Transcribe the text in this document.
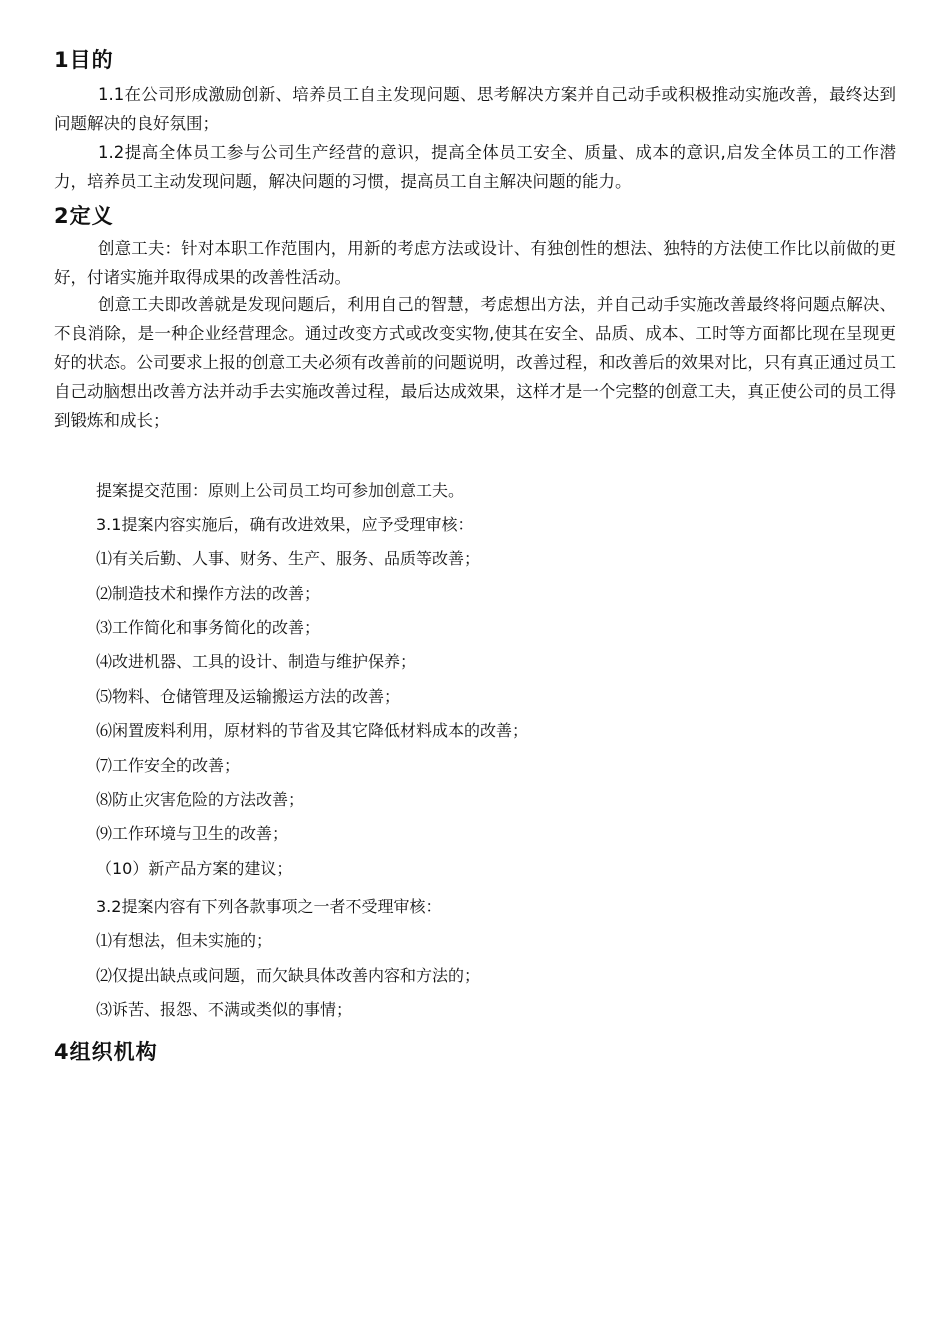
1目的
1.1在公司形成激励创新、培养员工自主发现问题、思考解决方案并自己动手或积极推动实施改善，最终达到问题解决的良好氛围；
1.2提高全体员工参与公司生产经营的意识，提高全体员工安全、质量、成本的意识,启发全体员工的工作潜力，培养员工主动发现问题，解决问题的习惯，提高员工自主解决问题的能力。
2定义
创意工夫：针对本职工作范围内，用新的考虑方法或设计、有独创性的想法、独特的方法使工作比以前做的更好，付诸实施并取得成果的改善性活动。
创意工夫即改善就是发现问题后，利用自己的智慧，考虑想出方法，并自己动手实施改善最终将问题点解决、不良消除，是一种企业经营理念。通过改变方式或改变实物,使其在安全、品质、成本、工时等方面都比现在呈现更好的状态。公司要求上报的创意工夫必须有改善前的问题说明，改善过程，和改善后的效果对比，只有真正通过员工自己动脑想出改善方法并动手去实施改善过程，最后达成效果，这样才是一个完整的创意工夫，真正使公司的员工得到锻炼和成长；
提案提交范围：原则上公司员工均可参加创意工夫。
3.1提案内容实施后，确有改进效果，应予受理审核：
⑴有关后勤、人事、财务、生产、服务、品质等改善；
⑵制造技术和操作方法的改善；
⑶工作简化和事务简化的改善；
⑷改进机器、工具的设计、制造与维护保养；
⑸物料、仓储管理及运输搬运方法的改善；
⑹闲置废料利用，原材料的节省及其它降低材料成本的改善；
⑺工作安全的改善；
⑻防止灾害危险的方法改善；
⑼工作环境与卫生的改善；
（10）新产品方案的建议；
3.2提案内容有下列各款事项之一者不受理审核：
⑴有想法，但未实施的；
⑵仅提出缺点或问题，而欠缺具体改善内容和方法的；
⑶诉苦、报怨、不满或类似的事情；
4组织机构
